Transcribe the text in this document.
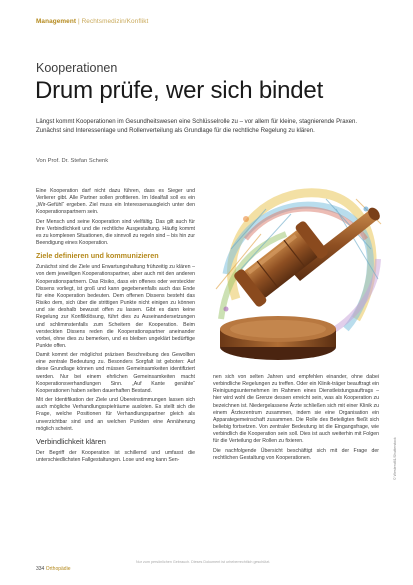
Management | Rechtsmedizin/Konflikt
Kooperationen
Drum prüfe, wer sich bindet
Längst kommt Kooperationen im Gesundheitswesen eine Schlüsselrolle zu – vor allem für kleine, stagnierende Praxen. Zunächst sind Interessenlage und Rollenverteilung als Grundlage für die rechtliche Regelung zu klären.
Von Prof. Dr. Stefan Schenk

Eine Kooperation darf nicht dazu führen, dass es Sieger und Verlierer gibt. Alle Partner sollen profitieren. Im Idealfall soll es ein „Wir-Gefühl“ ergeben. Ziel muss ein Interessenausgleich unter den Kooperationspartnern sein.

Der Mensch und seine Kooperation sind vielfältig. Das gilt auch für ihre Verbindlichkeit und die rechtliche Ausgestaltung. Häufig kommt es zu komplexen Situationen, die sinnvoll zu regeln sind – bis hin zur Beendigung eines Kooperation.

Ziele definieren und kommunizieren

Zunächst sind die Ziele und Erwartungshaltung frühzeitig zu klären – von dem jeweiligen Kooperationspartner, aber auch mit den anderen Kooperationspartnern. Das Risiko, dass ein offenes oder versteckter Dissens vorliegt, ist groß und kann gegebenenfalls auch das Ende für eine Kooperation bedeuten. Dem offenen Dissens besteht das Risiko dem, sich über die strittigen Punkte nicht einigen zu können und sie deshalb bewusst offen zu lassen. Gibt es dann keine Regelung zur Konfliktlösung, führt dies zu Auseinandersetzungen und schlimmstenfalls zum Scheitern der Kooperation. Beim versteckten Dissens reden die Kooperationspartner aneinander vorbei, ohne dies zu bemerken, und es bleiben ungeklärt bedürftige Punkte offen.

Damit kommt der möglichst präzisen Beschreibung des Gewollten eine zentrale Bedeutung zu. Besonders Sorgfalt ist geboten: Auf diese Grundlage können und müssen Gemeinsamkeiten identifiziert werden. Nur bei einem ehrlichen Gemeinsamkeiten macht Kooperationsverhandlungen Sinn. „Auf Kante genähte“ Kooperationen haben selten dauerhaften Bestand.

Mit der Identifikation der Ziele und Übereinstimmungen lassen sich auch mögliche Verhandlungsspielräume ausloten. Es stellt sich die Frage, welche Positionen für Verhandlungspartner gleich als unverzichtbar sind und an welchen Punkten eine Annäherung möglich scheint.

Verbindlichkeit klären

Der Begriff der Kooperation ist schillernd und umfasst die unterschiedlichsten Fallgestaltungen. Lose und eng kann Sen-	© Westend61/Shutterstock

nen sich von selten Jahren und empfehlen einander, ohne dabei verbindliche Regelungen zu treffen. Oder ein Klinik-träger beauftragt ein Reinigungsunternehmen im Rahmen eines Dienstleistungsauftrags – hier wird wohl die Grenze dessen erreicht sein, was als Kooperation zu bezeichnen ist. Niedergelassene Ärzte schließen sich mit einer Klinik zu einem Ärztezentrum zusammen, indem sie eine Organisation ein Apparategemeinschaft zusammen. Die Rolle des Beteiligten fließt sich beliebig fortsetzen. Von zentraler Bedeutung ist die Eingangsfrage, wie verbindlich die Kooperation sein soll. Dies ist auch weiterhin mit Folgen für die Verteilung der Rollen zu fixieren.

Die nachfolgende Übersicht beschäftigt sich mit der Frage der rechtlichen Gestaltung von Kooperationen.

334 Orthopädie
Nur zum persönlichen Gebrauch. Dieses Dokument ist urheberrechtlich geschützt.
